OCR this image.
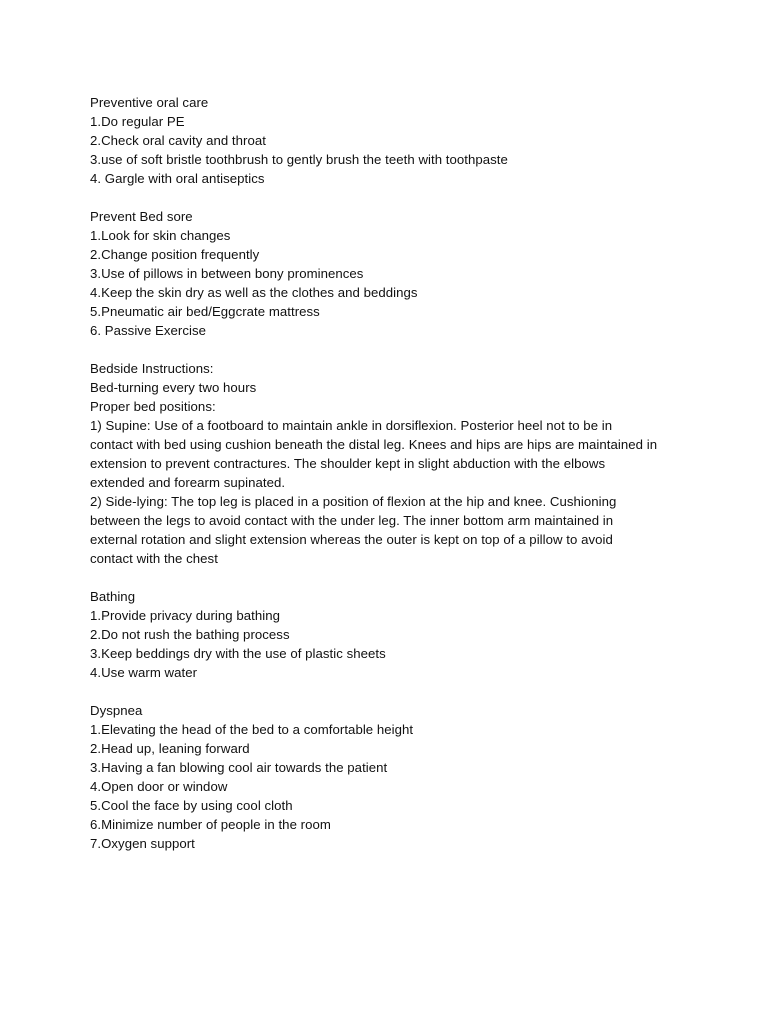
Preventive oral care

1.Do regular PE

2.Check oral cavity and throat

3.use of soft bristle toothbrush to gently brush the teeth with toothpaste

4. Gargle with oral antiseptics

Prevent Bed sore

1.Look for skin changes

2.Change position frequently

3.Use of pillows in between bony prominences

4.Keep the skin dry as well as the clothes and beddings

5.Pneumatic air bed/Eggcrate mattress

6. Passive Exercise

Bedside Instructions:

Bed-turning every two hours

Proper bed positions:

1) Supine: Use of a footboard to maintain ankle in dorsiflexion. Posterior heel not to be in contact with bed using cushion beneath the distal leg. Knees and hips are hips are maintained in extension to prevent contractures. The shoulder kept in slight abduction with the elbows extended and forearm supinated.

2) Side-lying: The top leg is placed in a position of flexion at the hip and knee. Cushioning between the legs to avoid contact with the under leg. The inner bottom arm maintained in external rotation and slight extension whereas the outer is kept on top of a pillow to avoid contact with the chest

Bathing

1.Provide privacy during bathing

2.Do not rush the bathing process

3.Keep beddings dry with the use of plastic sheets

4.Use warm water

Dyspnea

1.Elevating the head of the bed to a comfortable height

2.Head up, leaning forward

3.Having a fan blowing cool air towards the patient

4.Open door or window

5.Cool the face by using cool cloth

6.Minimize number of people in the room

7.Oxygen support
